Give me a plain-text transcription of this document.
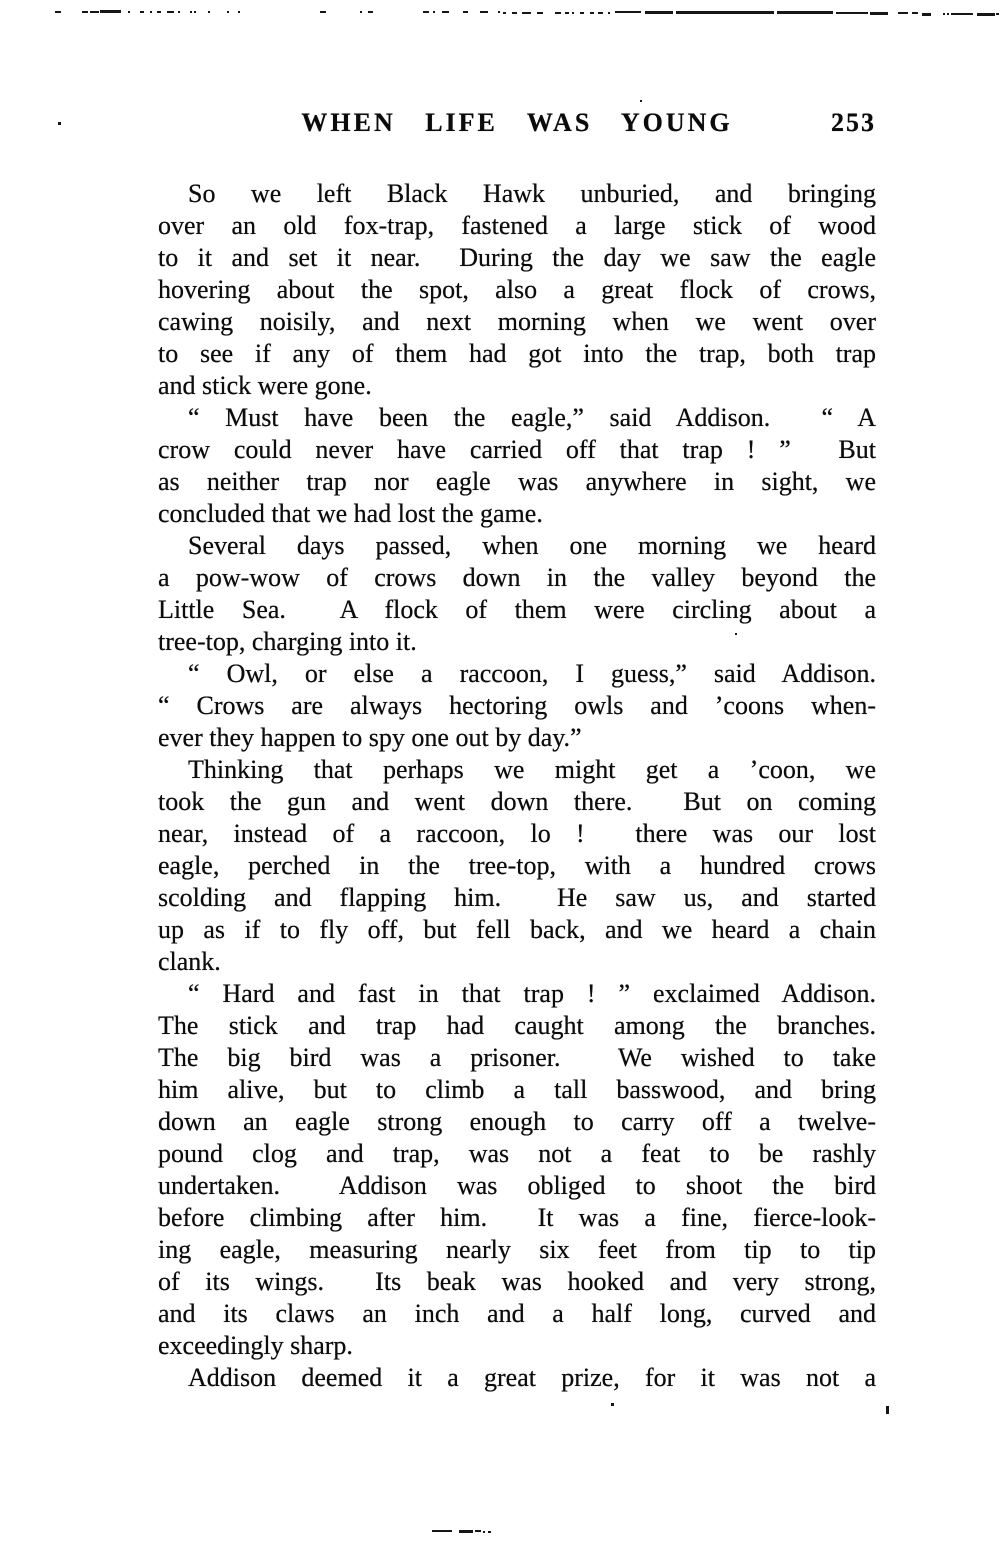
WHEN LIFE WAS YOUNG	253
So we left Black Hawk unburied, and bringing
over an old fox-trap, fastened a large stick of wood
to it and set it near.  During the day we saw the eagle
hovering about the spot, also a great flock of crows,
cawing noisily, and next morning when we went over
to see if any of them had got into the trap, both trap
and stick were gone.
“ Must have been the eagle,” said Addison.  “ A
crow could never have carried off that trap ! ”  But
as neither trap nor eagle was anywhere in sight, we
concluded that we had lost the game.
Several days passed, when one morning we heard
a pow-wow of crows down in the valley beyond the
Little Sea.  A flock of them were circling about a
tree-top, charging into it.
“ Owl, or else a raccoon, I guess,” said Addison.
“ Crows are always hectoring owls and ’coons when-
ever they happen to spy one out by day.”
Thinking that perhaps we might get a ’coon, we
took the gun and went down there.  But on coming
near, instead of a raccoon, lo !  there was our lost
eagle, perched in the tree-top, with a hundred crows
scolding and flapping him.  He saw us, and started
up as if to fly off, but fell back, and we heard a chain
clank.
“ Hard and fast in that trap ! ” exclaimed Addison.
The stick and trap had caught among the branches.
The big bird was a prisoner.  We wished to take
him alive, but to climb a tall basswood, and bring
down an eagle strong enough to carry off a twelve-
pound clog and trap, was not a feat to be rashly
undertaken.  Addison was obliged to shoot the bird
before climbing after him.  It was a fine, fierce-look-
ing eagle, measuring nearly six feet from tip to tip
of its wings.  Its beak was hooked and very strong,
and its claws an inch and a half long, curved and
exceedingly sharp.
Addison deemed it a great prize, for it was not a
